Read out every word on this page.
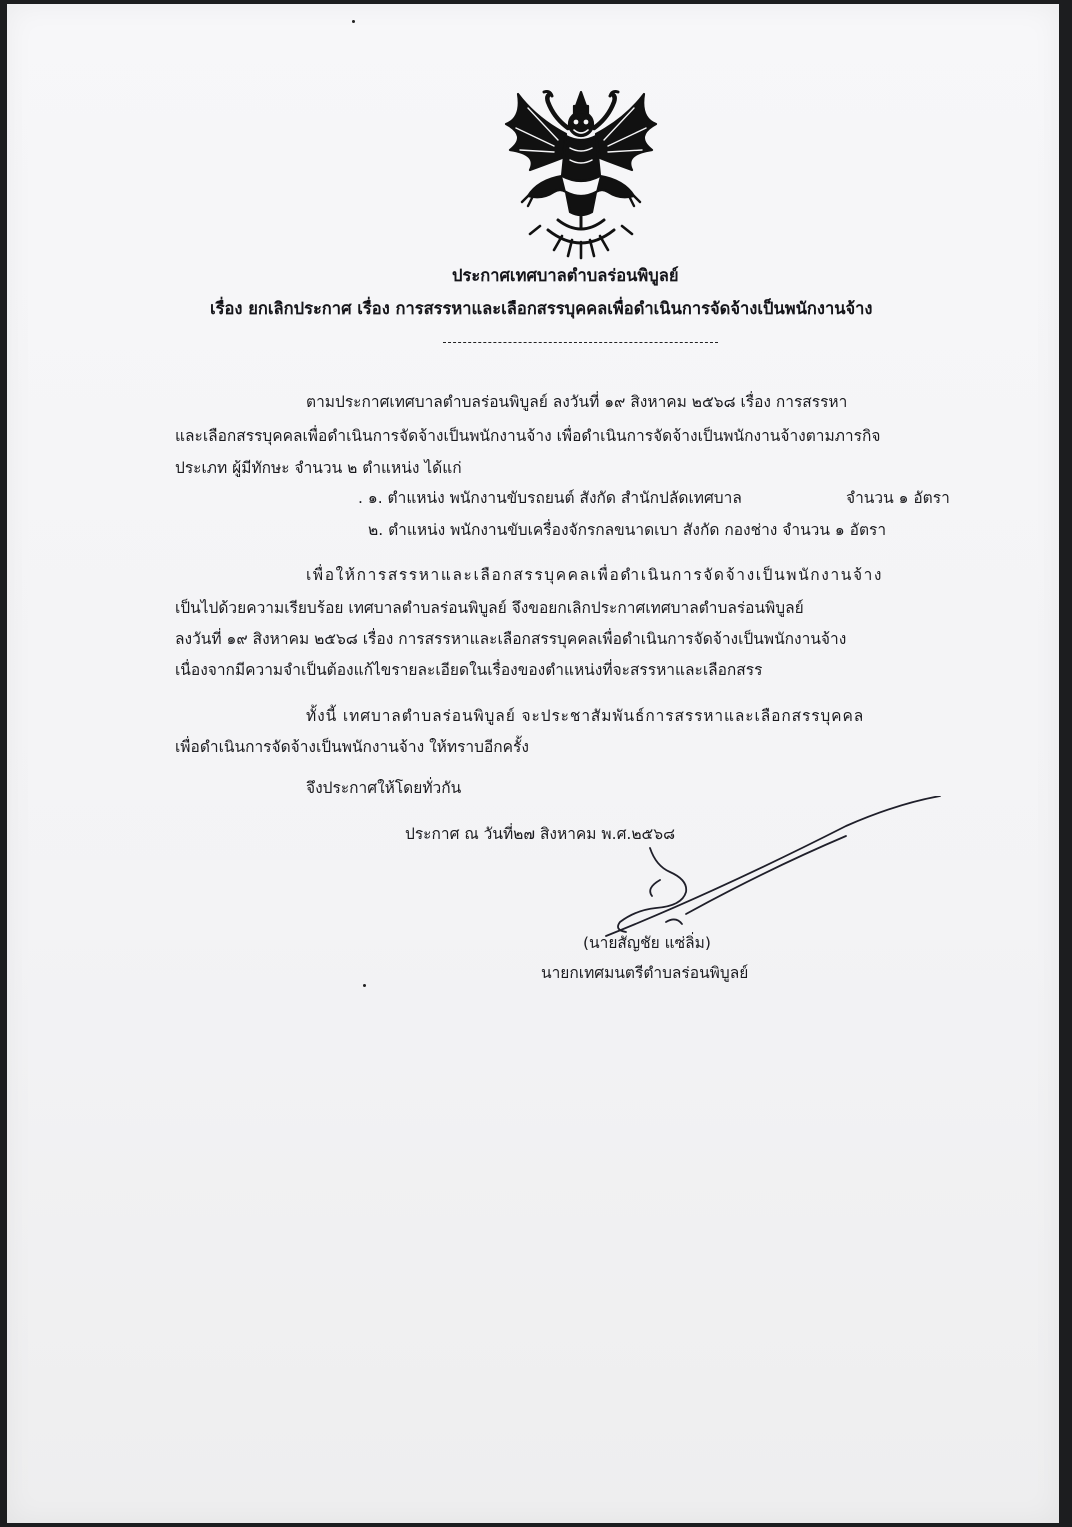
ประกาศเทศบาลตำบลร่อนพิบูลย์
เรื่อง ยกเลิกประกาศ เรื่อง การสรรหาและเลือกสรรบุคคลเพื่อดำเนินการจัดจ้างเป็นพนักงานจ้าง
ตามประกาศเทศบาลตำบลร่อนพิบูลย์ ลงวันที่ ๑๙ สิงหาคม ๒๕๖๘ เรื่อง การสรรหา
และเลือกสรรบุคคลเพื่อดำเนินการจัดจ้างเป็นพนักงานจ้าง เพื่อดำเนินการจัดจ้างเป็นพนักงานจ้างตามภารกิจ
ประเภท ผู้มีทักษะ จำนวน ๒ ตำแหน่ง ได้แก่
. ๑. ตำแหน่ง พนักงานขับรถยนต์ สังกัด สำนักปลัดเทศบาล	จำนวน ๑ อัตรา
๒. ตำแหน่ง พนักงานขับเครื่องจักรกลขนาดเบา สังกัด กองช่าง จำนวน ๑ อัตรา
เพื่อให้การสรรหาและเลือกสรรบุคคลเพื่อดำเนินการจัดจ้างเป็นพนักงานจ้าง
เป็นไปด้วยความเรียบร้อย เทศบาลตำบลร่อนพิบูลย์ จึงขอยกเลิกประกาศเทศบาลตำบลร่อนพิบูลย์
ลงวันที่ ๑๙ สิงหาคม ๒๕๖๘ เรื่อง การสรรหาและเลือกสรรบุคคลเพื่อดำเนินการจัดจ้างเป็นพนักงานจ้าง
เนื่องจากมีความจำเป็นต้องแก้ไขรายละเอียดในเรื่องของตำแหน่งที่จะสรรหาและเลือกสรร
ทั้งนี้ เทศบาลตำบลร่อนพิบูลย์ จะประชาสัมพันธ์การสรรหาและเลือกสรรบุคคล
เพื่อดำเนินการจัดจ้างเป็นพนักงานจ้าง ให้ทราบอีกครั้ง
จึงประกาศให้โดยทั่วกัน
ประกาศ ณ วันที่๒๗ สิงหาคม พ.ศ.๒๕๖๘
(นายสัญชัย แซ่ลิ่ม)
นายกเทศมนตรีตำบลร่อนพิบูลย์
